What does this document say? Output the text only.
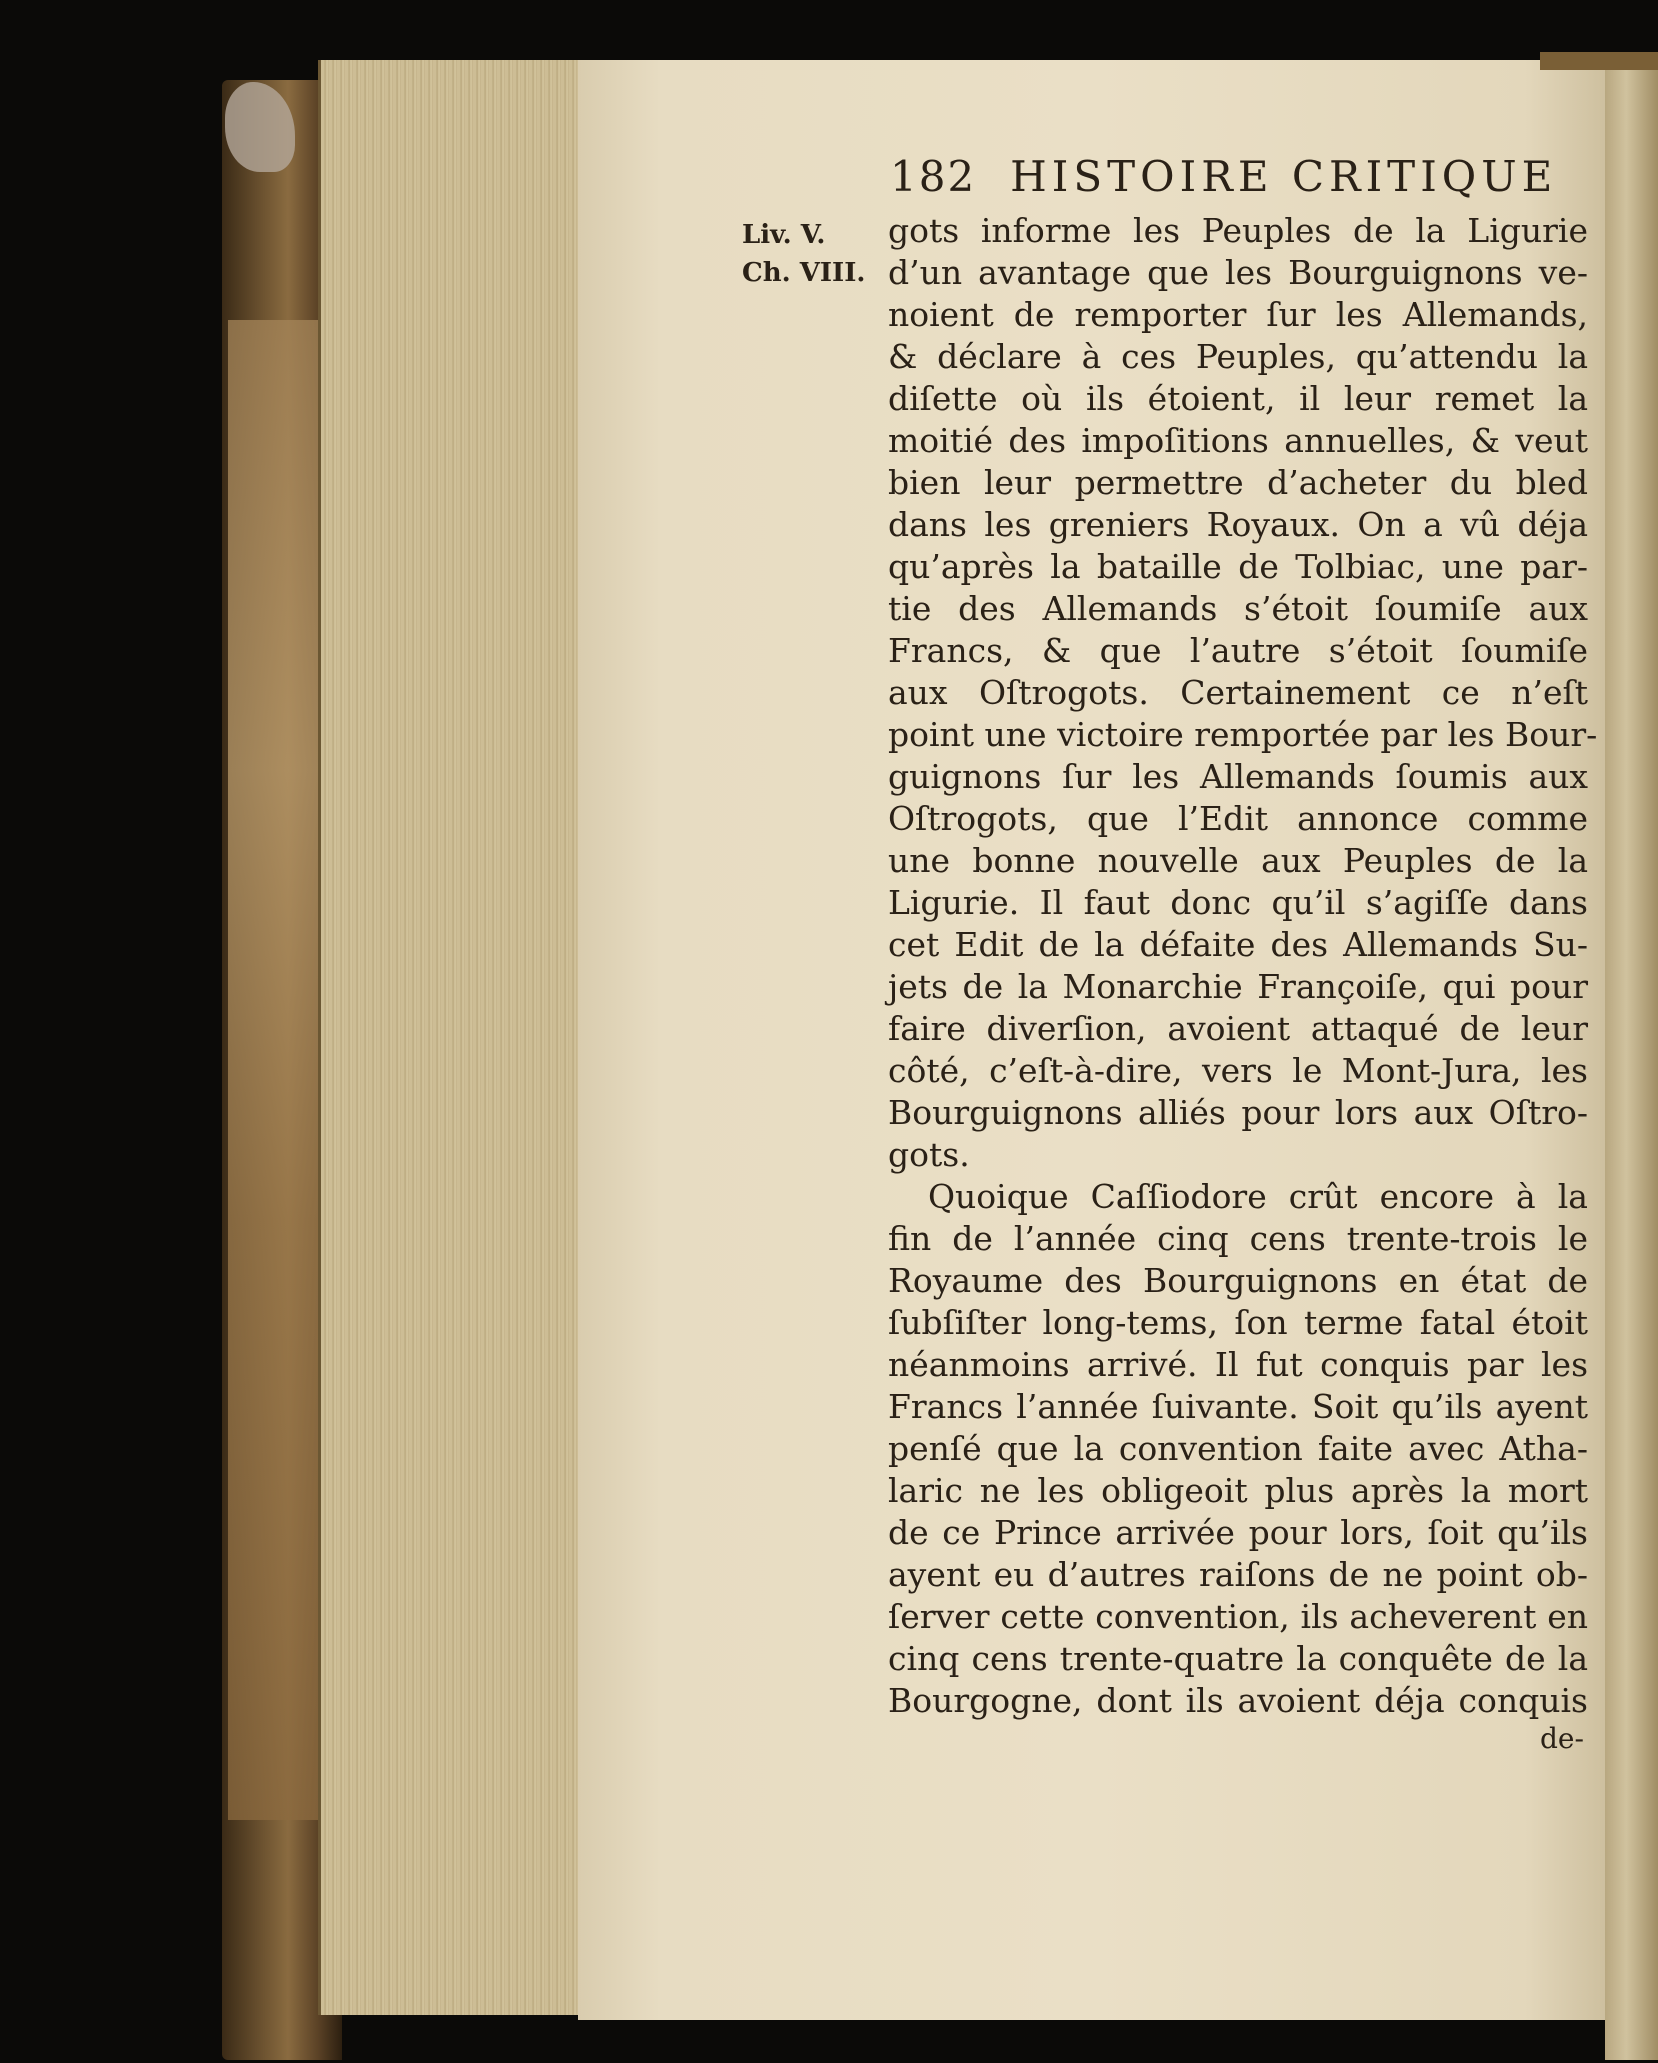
182 HISTOIRE CRITIQUE
Liv. V.
Ch. VIII.
gots informe les Peuples de la Ligurie
d’un avantage que les Bourguignons ve-
noient de remporter ſur les Allemands,
& déclare à ces Peuples, qu’attendu la
diſette où ils étoient, il leur remet la
moitié des impoſitions annuelles, & veut
bien leur permettre d’acheter du bled
dans les greniers Royaux. On a vû déja
qu’après la bataille de Tolbiac, une par-
tie des Allemands s’étoit ſoumiſe aux
Francs, & que l’autre s’étoit ſoumiſe
aux Oſtrogots. Certainement ce n’eſt
point une victoire remportée par les Bour-
guignons ſur les Allemands ſoumis aux
Oſtrogots, que l’Edit annonce comme
une bonne nouvelle aux Peuples de la
Ligurie. Il faut donc qu’il s’agiſſe dans
cet Edit de la défaite des Allemands Su-
jets de la Monarchie Françoiſe, qui pour
faire diverſion, avoient attaqué de leur
côté, c’eſt-à-dire, vers le Mont-Jura, les
Bourguignons alliés pour lors aux Oſtro-
gots.
Quoique Caſſiodore crût encore à la
fin de l’année cinq cens trente-trois le
Royaume des Bourguignons en état de
ſubſiſter long-tems, ſon terme fatal étoit
néanmoins arrivé. Il fut conquis par les
Francs l’année ſuivante. Soit qu’ils ayent
penſé que la convention faite avec Atha-
laric ne les obligeoit plus après la mort
de ce Prince arrivée pour lors, ſoit qu’ils
ayent eu d’autres raiſons de ne point ob-
ſerver cette convention, ils acheverent en
cinq cens trente-quatre la conquête de la
Bourgogne, dont ils avoient déja conquis
de-
